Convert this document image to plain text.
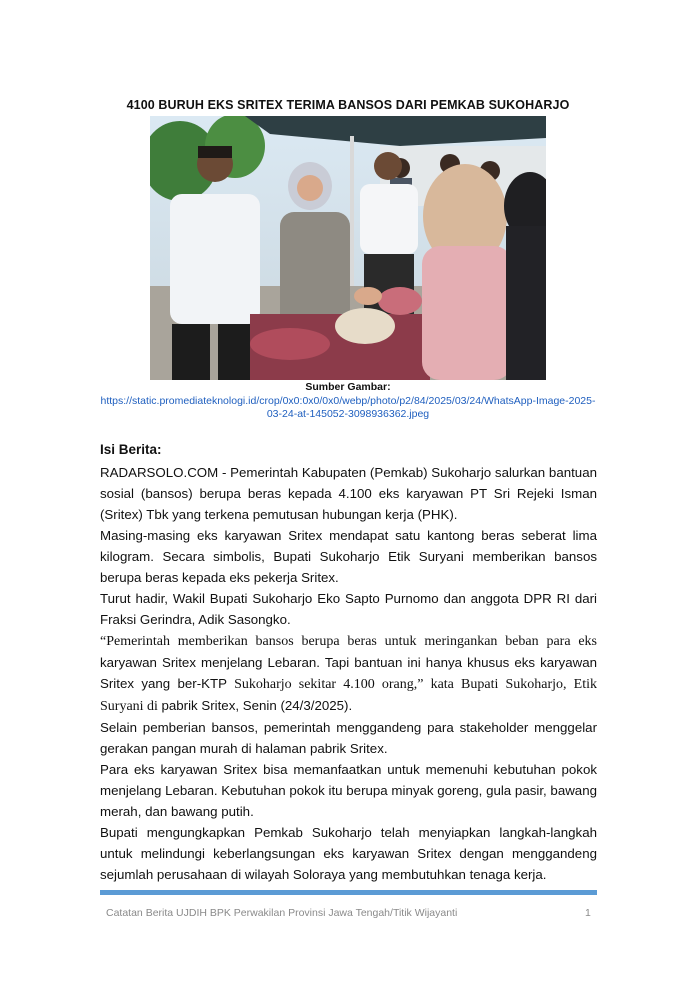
4100 BURUH EKS SRITEX TERIMA BANSOS DARI PEMKAB SUKOHARJO
Sumber Gambar:
https://static.promediateknologi.id/crop/0x0:0x0/0x0/webp/photo/p2/84/2025/03/24/WhatsApp-Image-2025-03-24-at-145052-3098936362.jpeg
Isi Berita:

RADARSOLO.COM - Pemerintah Kabupaten (Pemkab) Sukoharjo salurkan bantuan sosial (bansos) berupa beras kepada 4.100 eks karyawan PT Sri Rejeki Isman (Sritex) Tbk yang terkena pemutusan hubungan kerja (PHK).

Masing-masing eks karyawan Sritex mendapat satu kantong beras seberat lima kilogram. Secara simbolis, Bupati Sukoharjo Etik Suryani memberikan bansos berupa beras kepada eks pekerja Sritex.

Turut hadir, Wakil Bupati Sukoharjo Eko Sapto Purnomo dan anggota DPR RI dari Fraksi Gerindra, Adik Sasongko.

“Pemerintah memberikan bansos berupa beras untuk meringankan beban para eks karyawan Sritex menjelang Lebaran. Tapi bantuan ini hanya khusus eks karyawan Sritex yang ber-KTP Sukoharjo sekitar 4.100 orang,” kata Bupati Sukoharjo, Etik Suryani di pabrik Sritex, Senin (24/3/2025).

Selain pemberian bansos, pemerintah menggandeng para stakeholder menggelar gerakan pangan murah di halaman pabrik Sritex.

Para eks karyawan Sritex bisa memanfaatkan untuk memenuhi kebutuhan pokok menjelang Lebaran. Kebutuhan pokok itu berupa minyak goreng, gula pasir, bawang merah, dan bawang putih.

Bupati mengungkapkan Pemkab Sukoharjo telah menyiapkan langkah-langkah untuk melindungi keberlangsungan eks karyawan Sritex dengan menggandeng sejumlah perusahaan di wilayah Soloraya yang membutuhkan tenaga kerja.

Catatan Berita UJDIH BPK Perwakilan Provinsi Jawa Tengah/Titik Wijayanti	1
